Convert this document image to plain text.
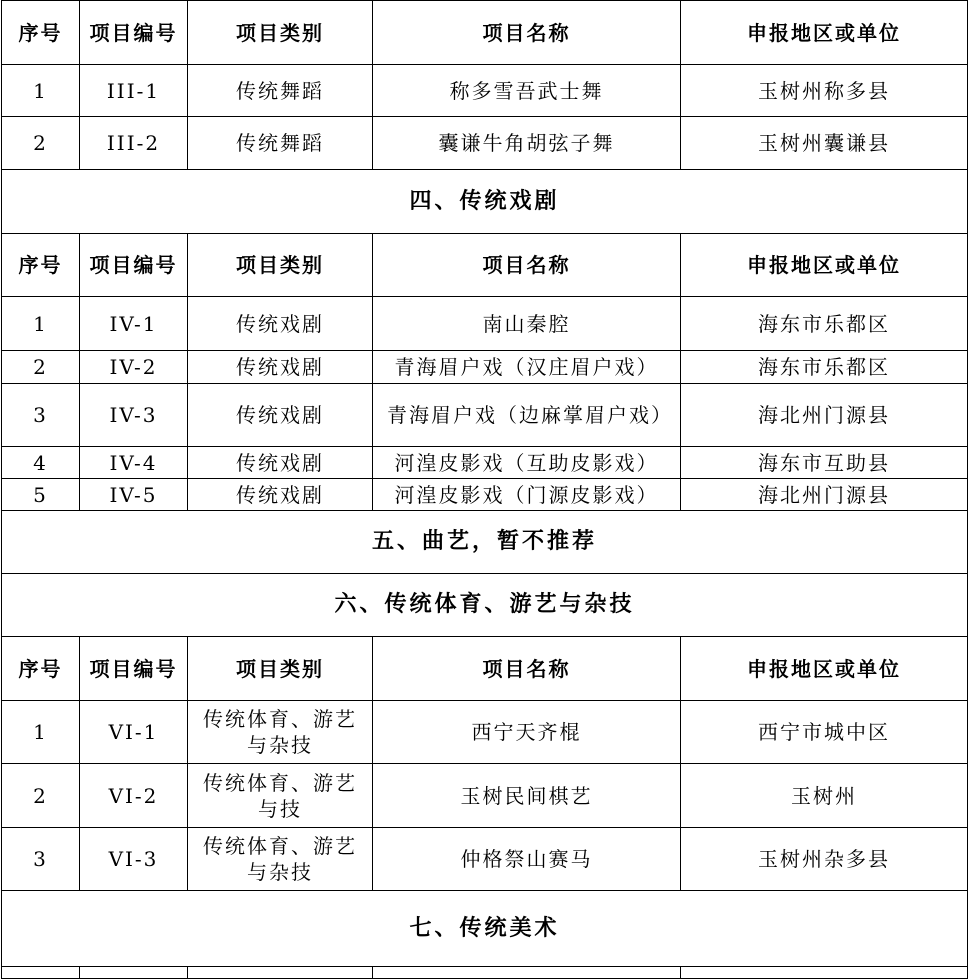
序号	项目编号	项目类别	项目名称	申报地区或单位
1	III-1	传统舞蹈	称多雪吾武士舞	玉树州称多县
2	III-2	传统舞蹈	囊谦牛角胡弦子舞	玉树州囊谦县
四、传统戏剧				
序号	项目编号	项目类别	项目名称	申报地区或单位
1	IV-1	传统戏剧	南山秦腔	海东市乐都区
2	IV-2	传统戏剧	青海眉户戏（汉庄眉户戏）	海东市乐都区
3	IV-3	传统戏剧	青海眉户戏（边麻掌眉户戏）	海北州门源县
4	IV-4	传统戏剧	河湟皮影戏（互助皮影戏）	海东市互助县
5	IV-5	传统戏剧	河湟皮影戏（门源皮影戏）	海北州门源县
五、曲艺，暂不推荐				
六、传统体育、游艺与杂技				
序号	项目编号	项目类别	项目名称	申报地区或单位
1	VI-1	传统体育、游艺与杂技	西宁天齐棍	西宁市城中区
2	VI-2	传统体育、游艺与技	玉树民间棋艺	玉树州
3	VI-3	传统体育、游艺与杂技	仲格祭山赛马	玉树州杂多县
七、传统美术				
